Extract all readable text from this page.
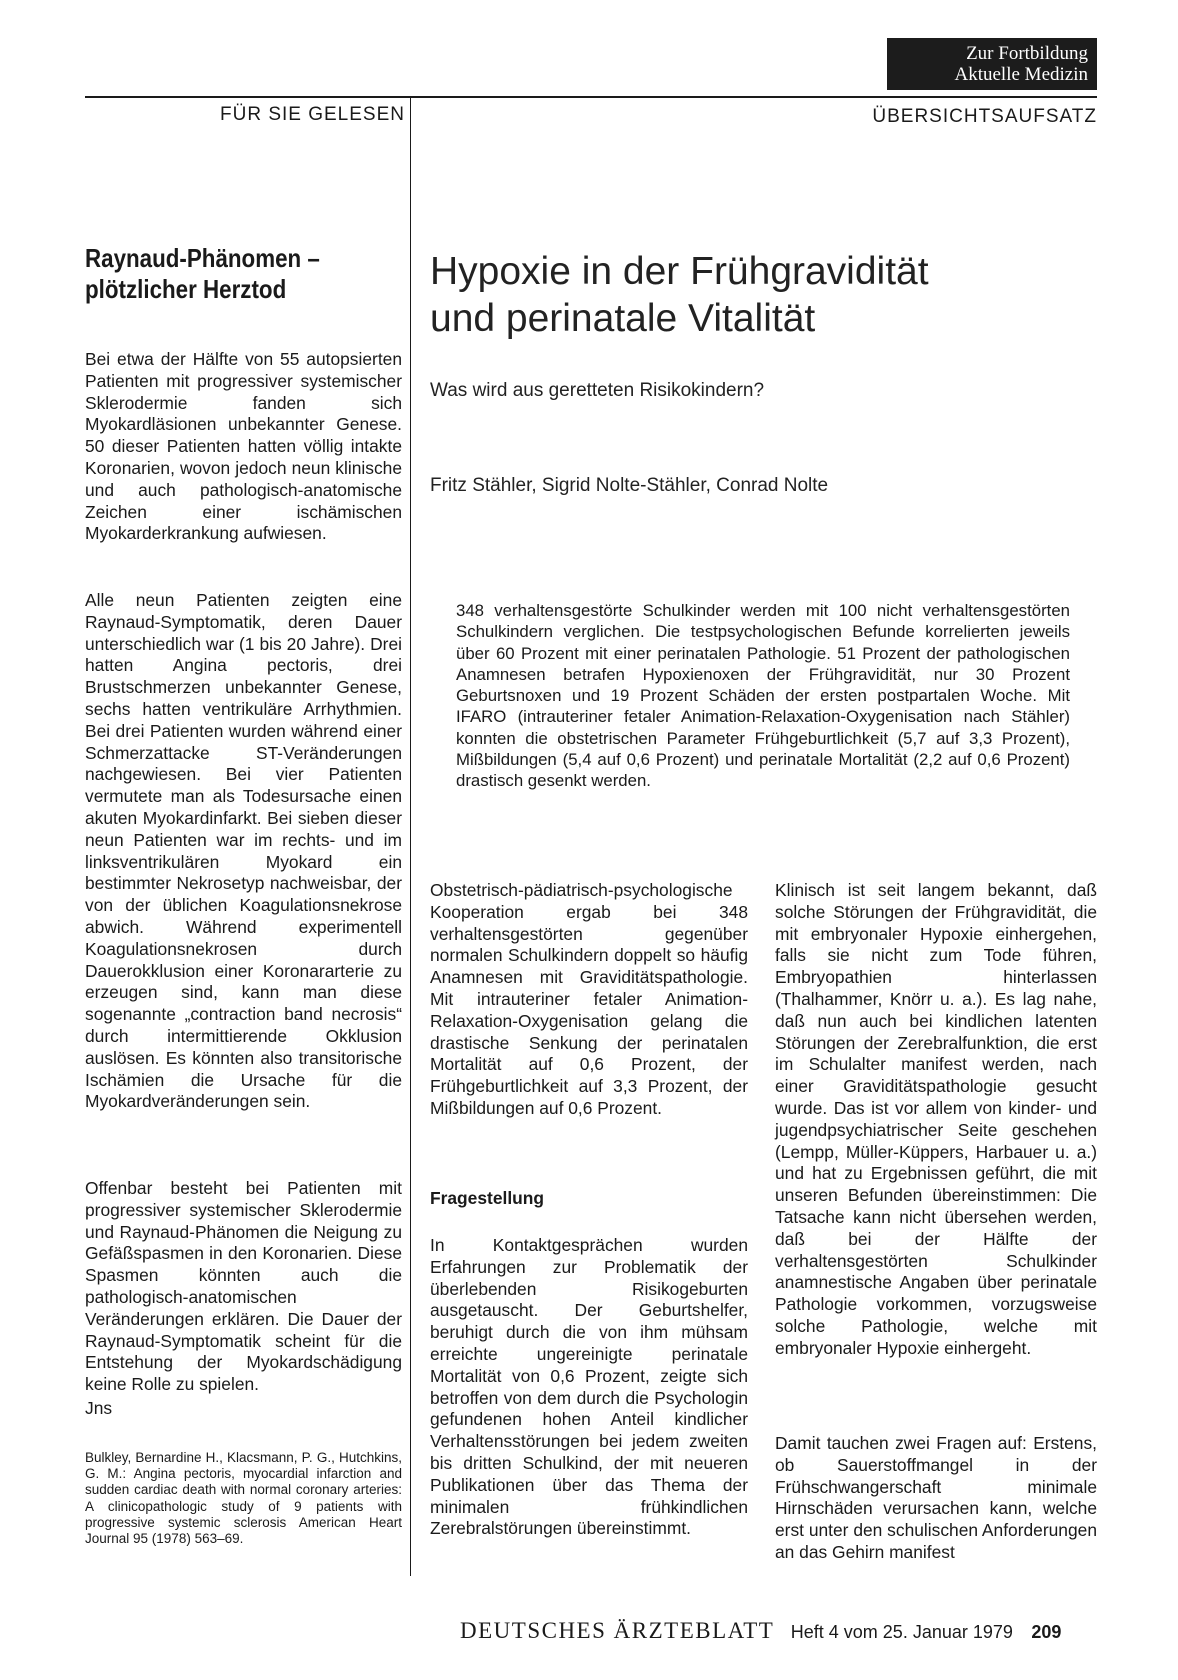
Zur Fortbildung
Aktuelle Medizin
FÜR SIE GELESEN	ÜBERSICHTSAUFSATZ
Raynaud-Phänomen –
plötzlicher Herztod

Bei etwa der Hälfte von 55 autopsierten Patienten mit progressiver systemischer Sklerodermie fanden sich Myokardläsionen unbekannter Genese. 50 dieser Patienten hatten völlig intakte Koronarien, wovon jedoch neun klinische und auch pathologisch-anatomische Zeichen einer ischämischen Myokarderkrankung aufwiesen.

Alle neun Patienten zeigten eine Raynaud-Symptomatik, deren Dauer unterschiedlich war (1 bis 20 Jahre). Drei hatten Angina pectoris, drei Brustschmerzen unbekannter Genese, sechs hatten ventrikuläre Arrhythmien. Bei drei Patienten wurden während einer Schmerzattacke ST-Veränderungen nachgewiesen. Bei vier Patienten vermutete man als Todesursache einen akuten Myokardinfarkt. Bei sieben dieser neun Patienten war im rechts- und im linksventrikulären Myokard ein bestimmter Nekrosetyp nachweisbar, der von der üblichen Koagulationsnekrose abwich. Während experimentell Koagulationsnekrosen durch Dauerokklusion einer Koronararterie zu erzeugen sind, kann man diese sogenannte „contraction band necrosis“ durch intermittierende Okklusion auslösen. Es könnten also transitorische Ischämien die Ursache für die Myokardveränderungen sein.

Offenbar besteht bei Patienten mit progressiver systemischer Sklerodermie und Raynaud-Phänomen die Neigung zu Gefäßspasmen in den Koronarien. Diese Spasmen könnten auch die pathologisch-anatomischen Veränderungen erklären. Die Dauer der Raynaud-Symptomatik scheint für die Entstehung der Myokardschädigung keine Rolle zu spielen.

Jns

Bulkley, Bernardine H., Klacsmann, P. G., Hutchkins, G. M.: Angina pectoris, myocardial infarction and sudden cardiac death with normal coronary arteries: A clinicopathologic study of 9 patients with progressive systemic sclerosis American Heart Journal 95 (1978) 563–69.

Hypoxie in der Frühgravidität
und perinatale Vitalität
Was wird aus geretteten Risikokindern?
Fritz Stähler, Sigrid Nolte-Stähler, Conrad Nolte

348 verhaltensgestörte Schulkinder werden mit 100 nicht verhaltensgestörten Schulkindern verglichen. Die testpsychologischen Befunde korrelierten jeweils über 60 Prozent mit einer perinatalen Pathologie. 51 Prozent der pathologischen Anamnesen betrafen Hypoxienoxen der Frühgravidität, nur 30 Prozent Geburtsnoxen und 19 Prozent Schäden der ersten postpartalen Woche. Mit IFARO (intrauteriner fetaler Animation-Relaxation-Oxygenisation nach Stähler) konnten die obstetrischen Parameter Frühgeburtlichkeit (5,7 auf 3,3 Prozent), Mißbildungen (5,4 auf 0,6 Prozent) und perinatale Mortalität (2,2 auf 0,6 Prozent) drastisch gesenkt werden.

Obstetrisch-pädiatrisch-psychologische Kooperation ergab bei 348 verhaltensgestörten gegenüber normalen Schulkindern doppelt so häufig Anamnesen mit Graviditätspathologie. Mit intrauteriner fetaler Animation-Relaxation-Oxygenisation gelang die drastische Senkung der perinatalen Mortalität auf 0,6 Prozent, der Frühgeburtlichkeit auf 3,3 Prozent, der Mißbildungen auf 0,6 Prozent.

Fragestellung

In Kontaktgesprächen wurden Erfahrungen zur Problematik der überlebenden Risikogeburten ausgetauscht. Der Geburtshelfer, beruhigt durch die von ihm mühsam erreichte ungereinigte perinatale Mortalität von 0,6 Prozent, zeigte sich betroffen von dem durch die Psychologin gefundenen hohen Anteil kindlicher Verhaltensstörungen bei jedem zweiten bis dritten Schulkind, der mit neueren Publikationen über das Thema der minimalen frühkindlichen Zerebralstörungen übereinstimmt.

Klinisch ist seit langem bekannt, daß solche Störungen der Frühgravidität, die mit embryonaler Hypoxie einhergehen, falls sie nicht zum Tode führen, Embryopathien hinterlassen (Thalhammer, Knörr u. a.). Es lag nahe, daß nun auch bei kindlichen latenten Störungen der Zerebralfunktion, die erst im Schulalter manifest werden, nach einer Graviditätspathologie gesucht wurde. Das ist vor allem von kinder- und jugendpsychiatrischer Seite geschehen (Lempp, Müller-Küppers, Harbauer u. a.) und hat zu Ergebnissen geführt, die mit unseren Befunden übereinstimmen: Die Tatsache kann nicht übersehen werden, daß bei der Hälfte der verhaltensgestörten Schulkinder anamnestische Angaben über perinatale Pathologie vorkommen, vorzugsweise solche Pathologie, welche mit embryonaler Hypoxie einhergeht.

Damit tauchen zwei Fragen auf: Erstens, ob Sauerstoffmangel in der Frühschwangerschaft minimale Hirnschäden verursachen kann, welche erst unter den schulischen Anforderungen an das Gehirn manifest

DEUTSCHES ÄRZTEBLATT Heft 4 vom 25. Januar 1979 209
